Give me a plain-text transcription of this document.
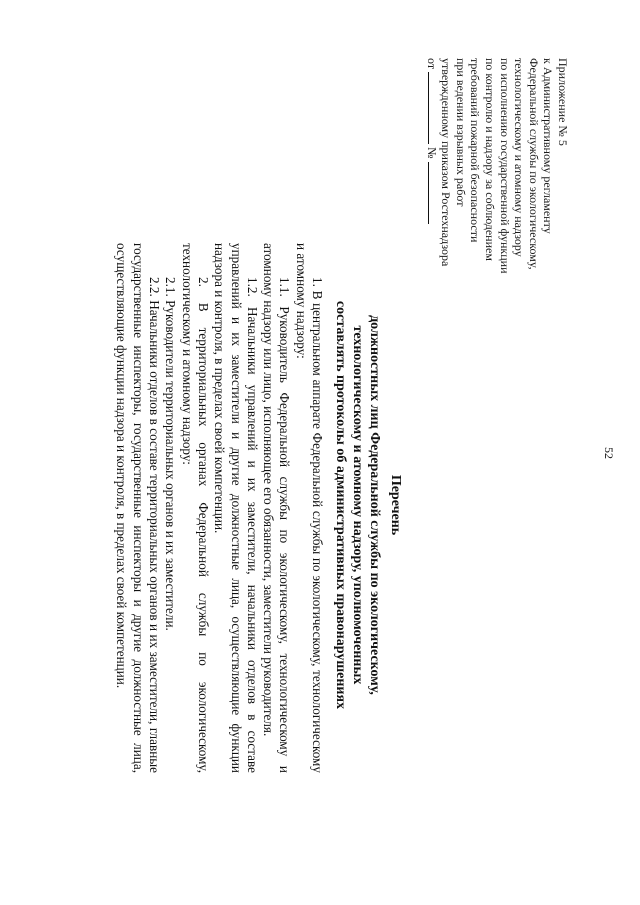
52
Приложение № 5
к Административному регламенту
Федеральной службы по экологическому,
технологическому и атомному надзору
по исполнению государственной функции
по контролю и надзору за соблюдением
требований пожарной безопасности
при ведении взрывных работ
утвержденному приказом Ростехнадзора
от  №
Перечень
должностных лиц Федеральной службы по экологическому,
технологическому и атомному надзору, уполномоченных
составлять протоколы об административных правонарушениях

1. В центральном аппарате Федеральной службы по экологическому, технологическому и атомному надзору:

1.1. Руководитель Федеральной службы по экологическому, технологическому и атомному надзору или лицо, исполняющее его обязанности, заместители руководителя.

1.2. Начальники управлений и их заместители, начальники отделов в составе управлений и их заместители и другие должностные лица, осуществляющие функции надзора и контроля, в пределах своей компетенции.

2. В территориальных органах Федеральной службы по экологическому, технологическому и атомному надзору:

2.1. Руководители территориальных органов и их заместители.

2.2. Начальники отделов в составе территориальных органов и их заместители, главные государственные инспекторы, государственные инспекторы и другие должностные лица, осуществляющие функции надзора и контроля, в пределах своей компетенции.
